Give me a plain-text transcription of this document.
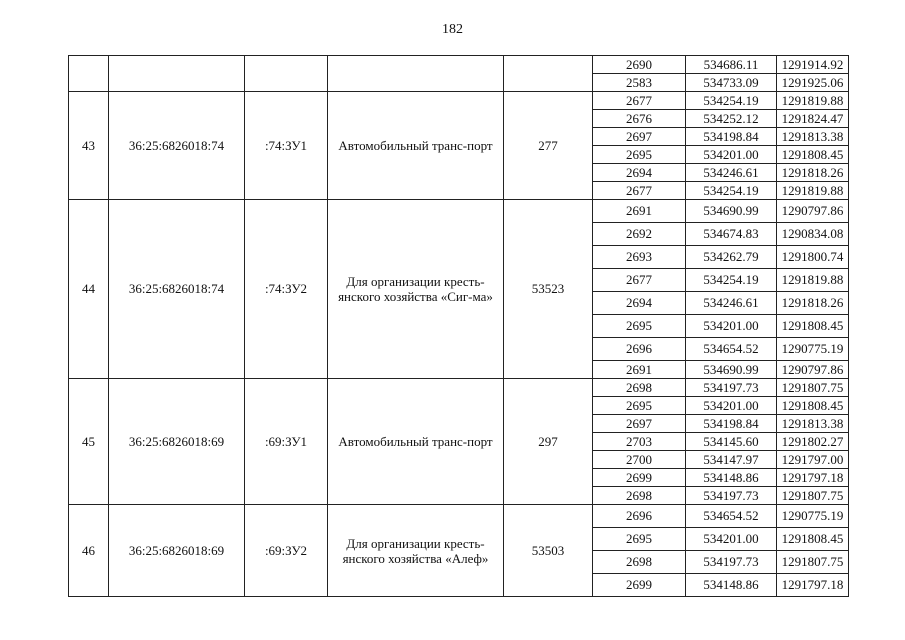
182
					2690	534686.11	1291914.92
					2583	534733.09	1291925.06
43	36:25:6826018:74	:74:ЗУ1	Автомобильный транс-порт	277	2677	534254.19	1291819.88
					2676	534252.12	1291824.47
					2697	534198.84	1291813.38
					2695	534201.00	1291808.45
					2694	534246.61	1291818.26
					2677	534254.19	1291819.88
44	36:25:6826018:74	:74:ЗУ2	Для организации кресть-янского хозяйства «Сиг-ма»	53523	2691	534690.99	1290797.86
					2692	534674.83	1290834.08
					2693	534262.79	1291800.74
					2677	534254.19	1291819.88
					2694	534246.61	1291818.26
					2695	534201.00	1291808.45
					2696	534654.52	1290775.19
					2691	534690.99	1290797.86
45	36:25:6826018:69	:69:ЗУ1	Автомобильный транс-порт	297	2698	534197.73	1291807.75
					2695	534201.00	1291808.45
					2697	534198.84	1291813.38
					2703	534145.60	1291802.27
					2700	534147.97	1291797.00
					2699	534148.86	1291797.18
					2698	534197.73	1291807.75
46	36:25:6826018:69	:69:ЗУ2	Для организации кресть-янского хозяйства «Алеф»	53503	2696	534654.52	1290775.19
					2695	534201.00	1291808.45
					2698	534197.73	1291807.75
					2699	534148.86	1291797.18
